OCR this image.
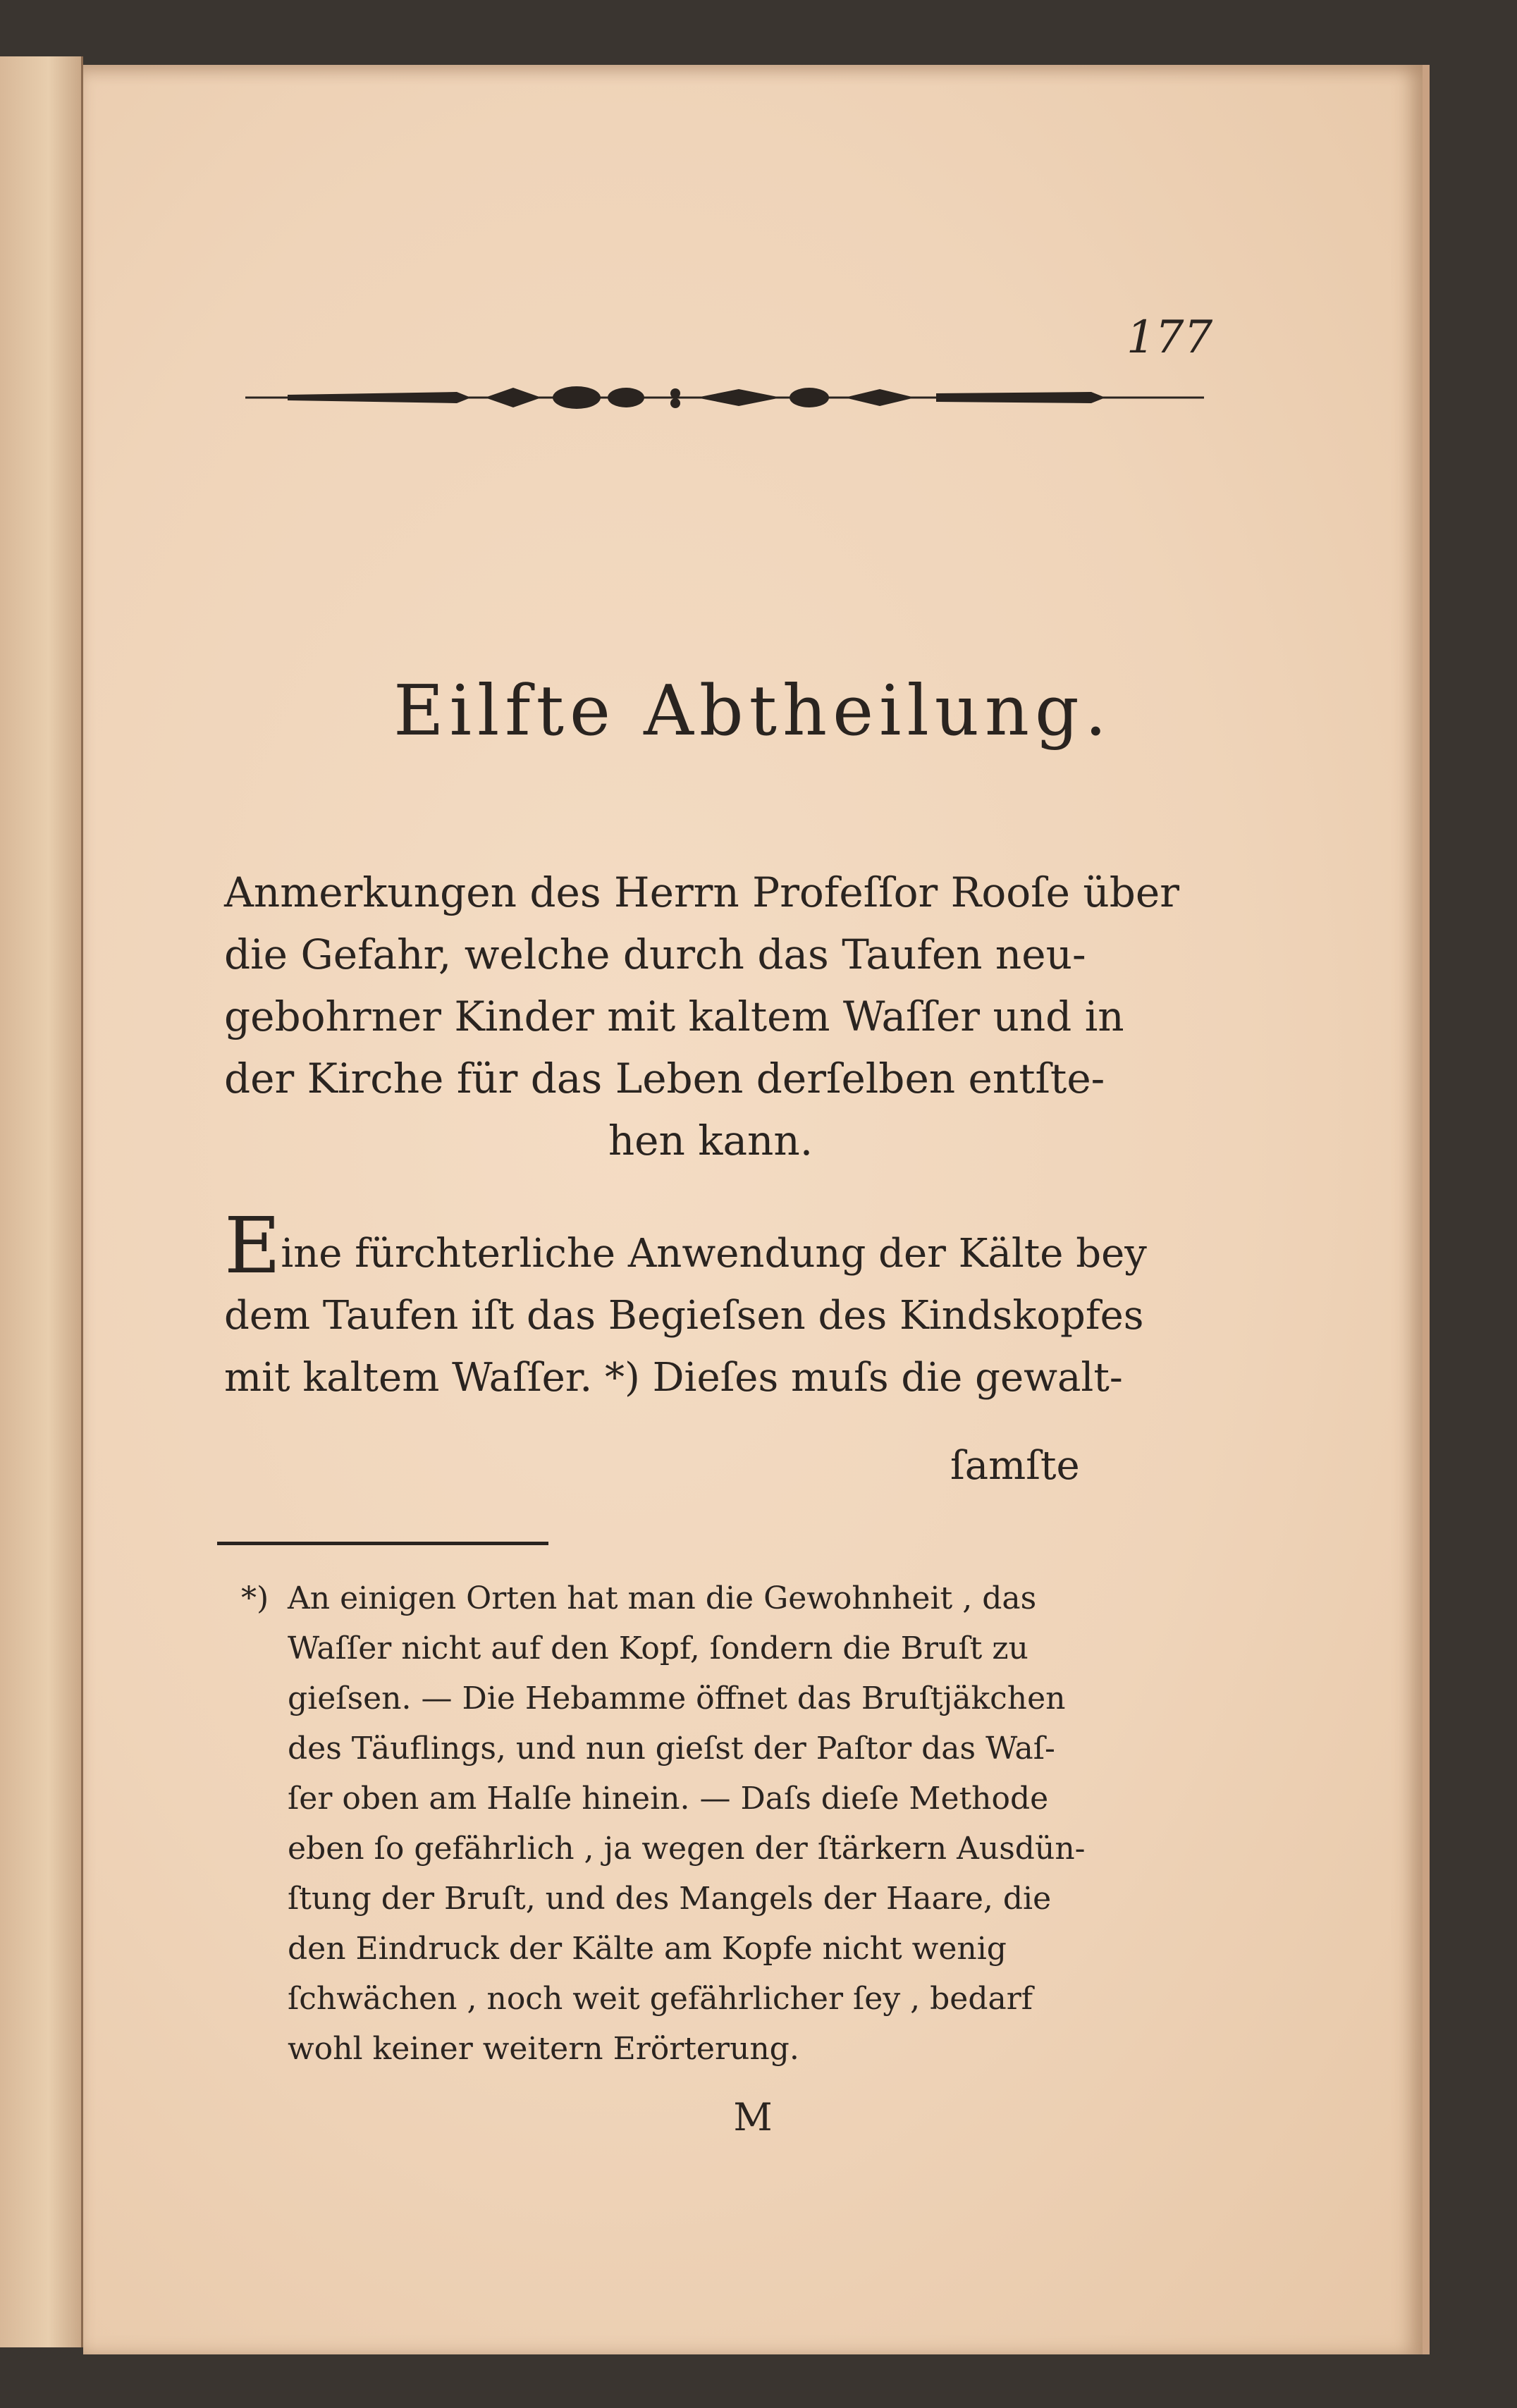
177
Eilfte Abtheilung.
Anmerkungen des Herrn Profeſſor Rooſe über
die Gefahr, welche durch das Taufen neu-
gebohrner Kinder mit kaltem Waſſer und in
der Kirche für das Leben derſelben entſte-
hen kann.
Eine fürchterliche Anwendung der Kälte bey
dem Taufen iſt das Begieſsen des Kindskopfes
mit kaltem Waſſer. *) Dieſes muſs die gewalt-
ſamſte
*) An einigen Orten hat man die Gewohnheit , das
Waſſer nicht auf den Kopf, ſondern die Bruſt zu
gieſsen. — Die Hebamme öffnet das Bruſtjäkchen
des Täuflings, und nun gieſst der Paſtor das Waſ-
ſer oben am Halſe hinein. — Daſs dieſe Methode
eben ſo gefährlich , ja wegen der ſtärkern Ausdün-
ſtung der Bruſt, und des Mangels der Haare, die
den Eindruck der Kälte am Kopfe nicht wenig
ſchwächen , noch weit gefährlicher ſey , bedarf
wohl keiner weitern Erörterung.
M
